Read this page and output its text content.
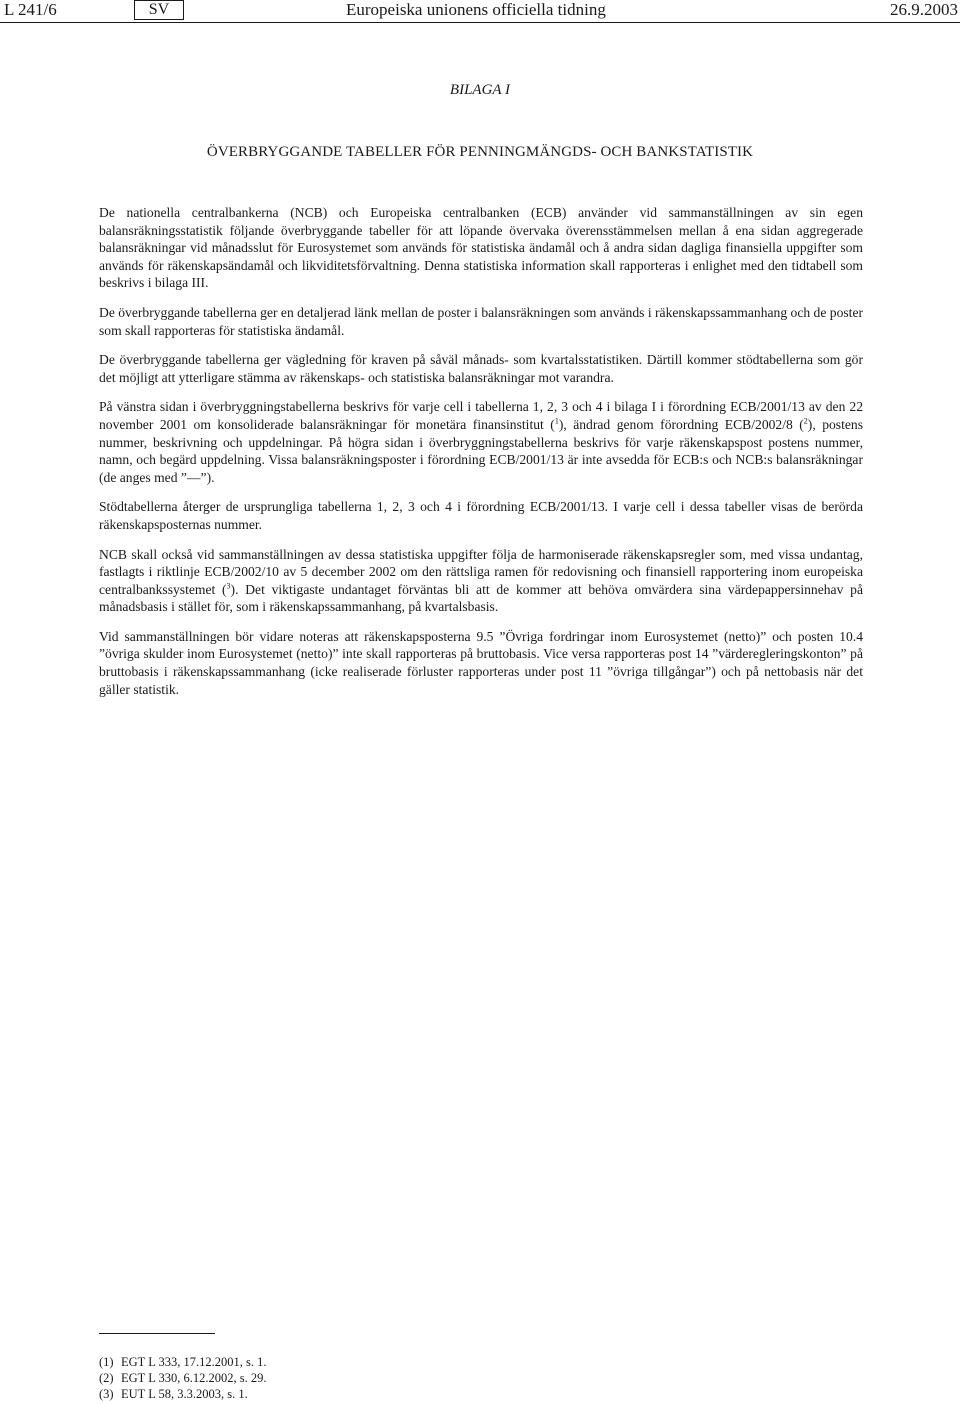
L 241/6	SV	Europeiska unionens officiella tidning	26.9.2003
BILAGA I
ÖVERBRYGGANDE TABELLER FÖR PENNINGMÄNGDS- OCH BANKSTATISTIK

De nationella centralbankerna (NCB) och Europeiska centralbanken (ECB) använder vid sammanställningen av sin egen balansräkningsstatistik följande överbryggande tabeller för att löpande övervaka överensstämmelsen mellan å ena sidan aggregerade balansräkningar vid månadsslut för Eurosystemet som används för statistiska ändamål och å andra sidan dagliga finansiella uppgifter som används för räkenskapsändamål och likviditetsförvaltning. Denna statistiska information skall rapporteras i enlighet med den tidtabell som beskrivs i bilaga III.

De överbryggande tabellerna ger en detaljerad länk mellan de poster i balansräkningen som används i räkenskapssammanhang och de poster som skall rapporteras för statistiska ändamål.

De överbryggande tabellerna ger vägledning för kraven på såväl månads- som kvartalsstatistiken. Därtill kommer stödtabellerna som gör det möjligt att ytterligare stämma av räkenskaps- och statistiska balansräkningar mot varandra.

På vänstra sidan i överbryggningstabellerna beskrivs för varje cell i tabellerna 1, 2, 3 och 4 i bilaga I i förordning ECB/2001/13 av den 22 november 2001 om konsoliderade balansräkningar för monetära finansinstitut ($^1$), ändrad genom förordning ECB/2002/8 ($^2$), postens nummer, beskrivning och uppdelningar. På högra sidan i överbryggningstabellerna beskrivs för varje räkenskapspost postens nummer, namn, och begärd uppdelning. Vissa balansräkningsposter i förordning ECB/2001/13 är inte avsedda för ECB:s och NCB:s balansräkningar (de anges med ”—”).

Stödtabellerna återger de ursprungliga tabellerna 1, 2, 3 och 4 i förordning ECB/2001/13. I varje cell i dessa tabeller visas de berörda räkenskapsposternas nummer.

NCB skall också vid sammanställningen av dessa statistiska uppgifter följa de harmoniserade räkenskapsregler som, med vissa undantag, fastlagts i riktlinje ECB/2002/10 av 5 december 2002 om den rättsliga ramen för redovisning och finansiell rapportering inom europeiska centralbankssystemet ($^3$). Det viktigaste undantaget förväntas bli att de kommer att behöva omvärdera sina värdepappersinnehav på månadsbasis i stället för, som i räkenskapssammanhang, på kvartalsbasis.

Vid sammanställningen bör vidare noteras att räkenskapsposterna 9.5 ”Övriga fordringar inom Eurosystemet (netto)” och posten 10.4 ”övriga skulder inom Eurosystemet (netto)” inte skall rapporteras på bruttobasis. Vice versa rapporteras post 14 ”värderegleringskonton” på bruttobasis i räkenskapssammanhang (icke realiserade förluster rapporteras under post 11 ”övriga tillgångar”) och på nettobasis när det gäller statistik.

(1) EGT L 333, 17.12.2001, s. 1.
(2) EGT L 330, 6.12.2002, s. 29.
(3) EUT L 58, 3.3.2003, s. 1.
